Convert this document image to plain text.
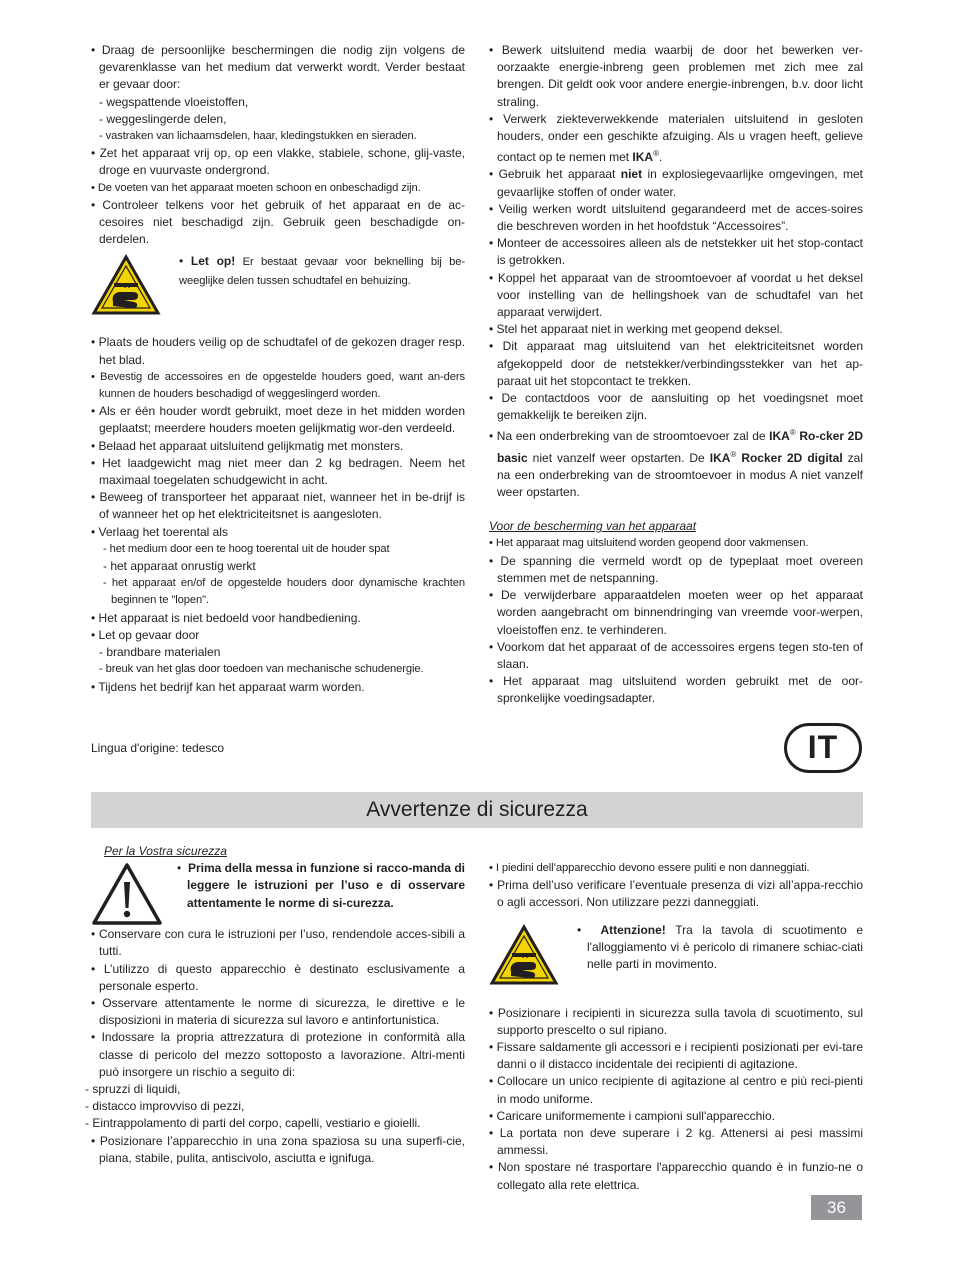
• Draag de persoonlijke beschermingen die nodig zijn volgens de gevarenklasse van het medium dat verwerkt wordt. Verder bestaat er gevaar door:

- wegspattende vloeistoffen,

- weggeslingerde delen,

- vastraken van lichaamsdelen, haar, kledingstukken en sieraden.

• Zet het apparaat vrij op, op een vlakke, stabiele, schone, glij-vaste, droge en vuurvaste ondergrond.

• De voeten van het apparaat moeten schoon en onbeschadigd zijn.

• Controleer telkens voor het gebruik of het apparaat en de ac-cesoires niet beschadigd zijn. Gebruik geen beschadigde on-derdelen.

• Let op! Er bestaat gevaar voor beknelling bij be-weeglijke delen tussen schudtafel en behuizing.

• Plaats de houders veilig op de schudtafel of de gekozen drager resp. het blad.

• Bevestig de accessoires en de opgestelde houders goed, want an-ders kunnen de houders beschadigd of weggeslingerd worden.

• Als er één houder wordt gebruikt, moet deze in het midden worden geplaatst; meerdere houders moeten gelijkmatig wor-den verdeeld.

• Belaad het apparaat uitsluitend gelijkmatig met monsters.

• Het laadgewicht mag niet meer dan 2 kg bedragen. Neem het maximaal toegelaten schudgewicht in acht.

• Beweeg of transporteer het apparaat niet, wanneer het in be-drijf is of wanneer het op het elektriciteitsnet is aangesloten.

• Verlaag het toerental als

- het medium door een te hoog toerental uit de houder spat

- het apparaat onrustig werkt

- het apparaat en/of de opgestelde houders door dynamische krachten beginnen te "lopen".

• Het apparaat is niet bedoeld voor handbediening.

• Let op gevaar door

- brandbare materialen

- breuk van het glas door toedoen van mechanische schudenergie.

• Tijdens het bedrijf kan het apparaat warm worden.

• Bewerk uitsluitend media waarbij de door het bewerken ver-oorzaakte energie-inbreng geen problemen met zich mee zal brengen. Dit geldt ook voor andere energie-inbrengen, b.v. door licht straling.

• Verwerk ziekteverwekkende materialen uitsluitend in gesloten houders, onder een geschikte afzuiging. Als u vragen heeft, gelieve contact op te nemen met IKA®.

• Gebruik het apparaat niet in explosiegevaarlijke omgevingen, met gevaarlijke stoffen of onder water.

• Veilig werken wordt uitsluitend gegarandeerd met de acces-soires die beschreven worden in het hoofdstuk “Accessoires”.

• Monteer de accessoires alleen als de netstekker uit het stop-contact is getrokken.

• Koppel het apparaat van de stroomtoevoer af voordat u het deksel voor instelling van de hellingshoek van de schudtafel van het apparaat verwijdert.

• Stel het apparaat niet in werking met geopend deksel.

• Dit apparaat mag uitsluitend van het elektriciteitsnet worden afgekoppeld door de netstekker/verbindingsstekker van het ap-paraat uit het stopcontact te trekken.

• De contactdoos voor de aansluiting op het voedingsnet moet gemakkelijk te bereiken zijn.

• Na een onderbreking van de stroomtoevoer zal de IKA® Ro-cker 2D basic niet vanzelf weer opstarten. De IKA® Rocker 2D digital zal na een onderbreking van de stroomtoevoer in modus A niet vanzelf weer opstarten.

Voor de bescherming van het apparaat

• Het apparaat mag uitsluitend worden geopend door vakmensen.

• De spanning die vermeld wordt op de typeplaat moet overeen stemmen met de netspanning.

• De verwijderbare apparaatdelen moeten weer op het apparaat worden aangebracht om binnendringing van vreemde voor-werpen, vloeistoffen enz. te verhinderen.

• Voorkom dat het apparaat of de accessoires ergens tegen sto-ten of slaan.

• Het apparaat mag uitsluitend worden gebruikt met de oor-spronkelijke voedingsadapter.

Lingua d'origine: tedesco	IT
Avvertenze di sicurezza

Per la Vostra sicurezza

•  Prima della messa in funzione si racco-manda di leggere le istruzioni per l’uso e di osservare attentamente le norme di si-curezza.

• Conservare con cura le istruzioni per l’uso, rendendole acces-sibili a tutti.

• L’utilizzo di questo apparecchio è destinato esclusivamente a personale esperto.

• Osservare attentamente le norme di sicurezza, le direttive e le disposizioni in materia di sicurezza sul lavoro e antinfortunistica.

• Indossare la propria attrezzatura di protezione in conformità alla classe di pericolo del mezzo sottoposto a lavorazione. Altri-menti può insorgere un rischio a seguito di:

- spruzzi di liquidi,

- distacco improvviso di pezzi,

- Eintrappolamento di parti del corpo, capelli, vestiario e gioielli.

• Posizionare l’apparecchio in una zona spaziosa su una superfi-cie, piana, stabile, pulita, antiscivolo, asciutta e ignifuga.

• I piedini dell’apparecchio devono essere puliti e non danneggiati.

• Prima dell’uso verificare l’eventuale presenza di vizi all’appa-recchio o agli accessori. Non utilizzare pezzi danneggiati.

•  Attenzione! Tra la tavola di scuotimento e l'alloggiamento vi è pericolo di rimanere schiac-ciati nelle parti in movimento.

• Posizionare i recipienti in sicurezza sulla tavola di scuotimento, sul supporto prescelto o sul ripiano.

• Fissare saldamente gli accessori e i recipienti posizionati per evi-tare danni o il distacco incidentale dei recipienti di agitazione.

• Collocare un unico recipiente di agitazione al centro e più reci-pienti in modo uniforme.

• Caricare uniformemente i campioni sull'apparecchio.

• La portata non deve superare i 2 kg. Attenersi ai pesi massimi ammessi.

• Non spostare né trasportare l'apparecchio quando è in funzio-ne o collegato alla rete elettrica.

36
